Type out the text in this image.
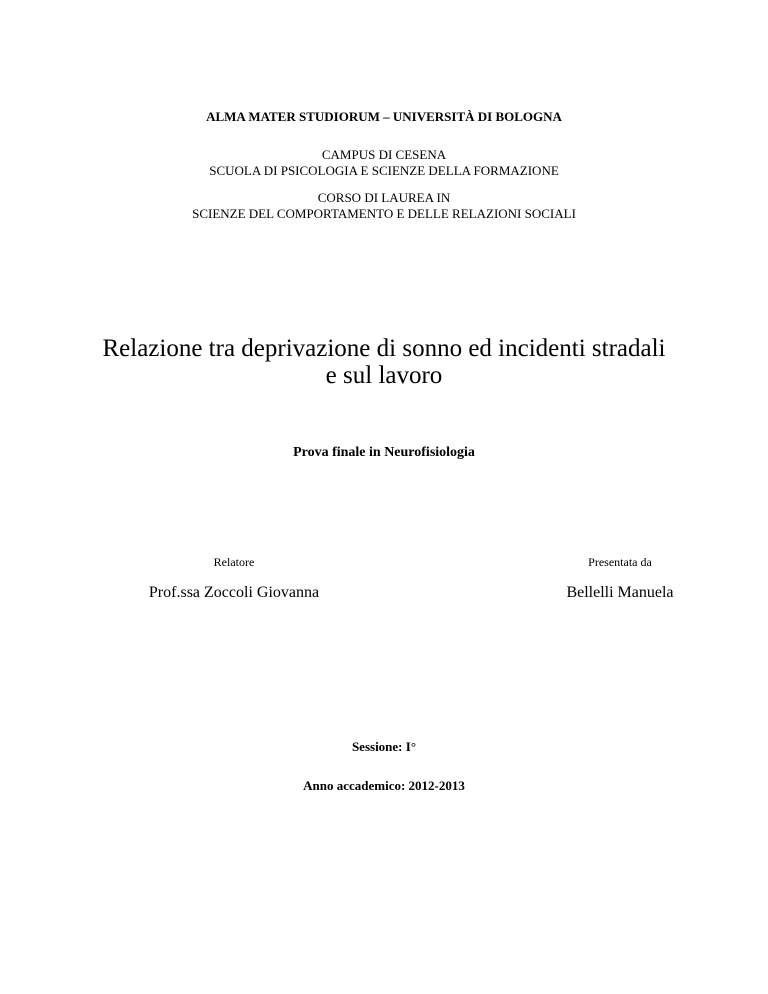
ALMA MATER STUDIORUM – UNIVERSITÀ DI BOLOGNA
CAMPUS DI CESENA
SCUOLA DI PSICOLOGIA E SCIENZE DELLA FORMAZIONE
CORSO DI LAUREA IN
SCIENZE DEL COMPORTAMENTO E DELLE RELAZIONI SOCIALI
Relazione tra deprivazione di sonno ed incidenti stradali
e sul lavoro
Prova finale in Neurofisiologia
Relatore	Presentata da
Prof.ssa Zoccoli Giovanna	Bellelli Manuela
Sessione: I°
Anno accademico: 2012-2013
